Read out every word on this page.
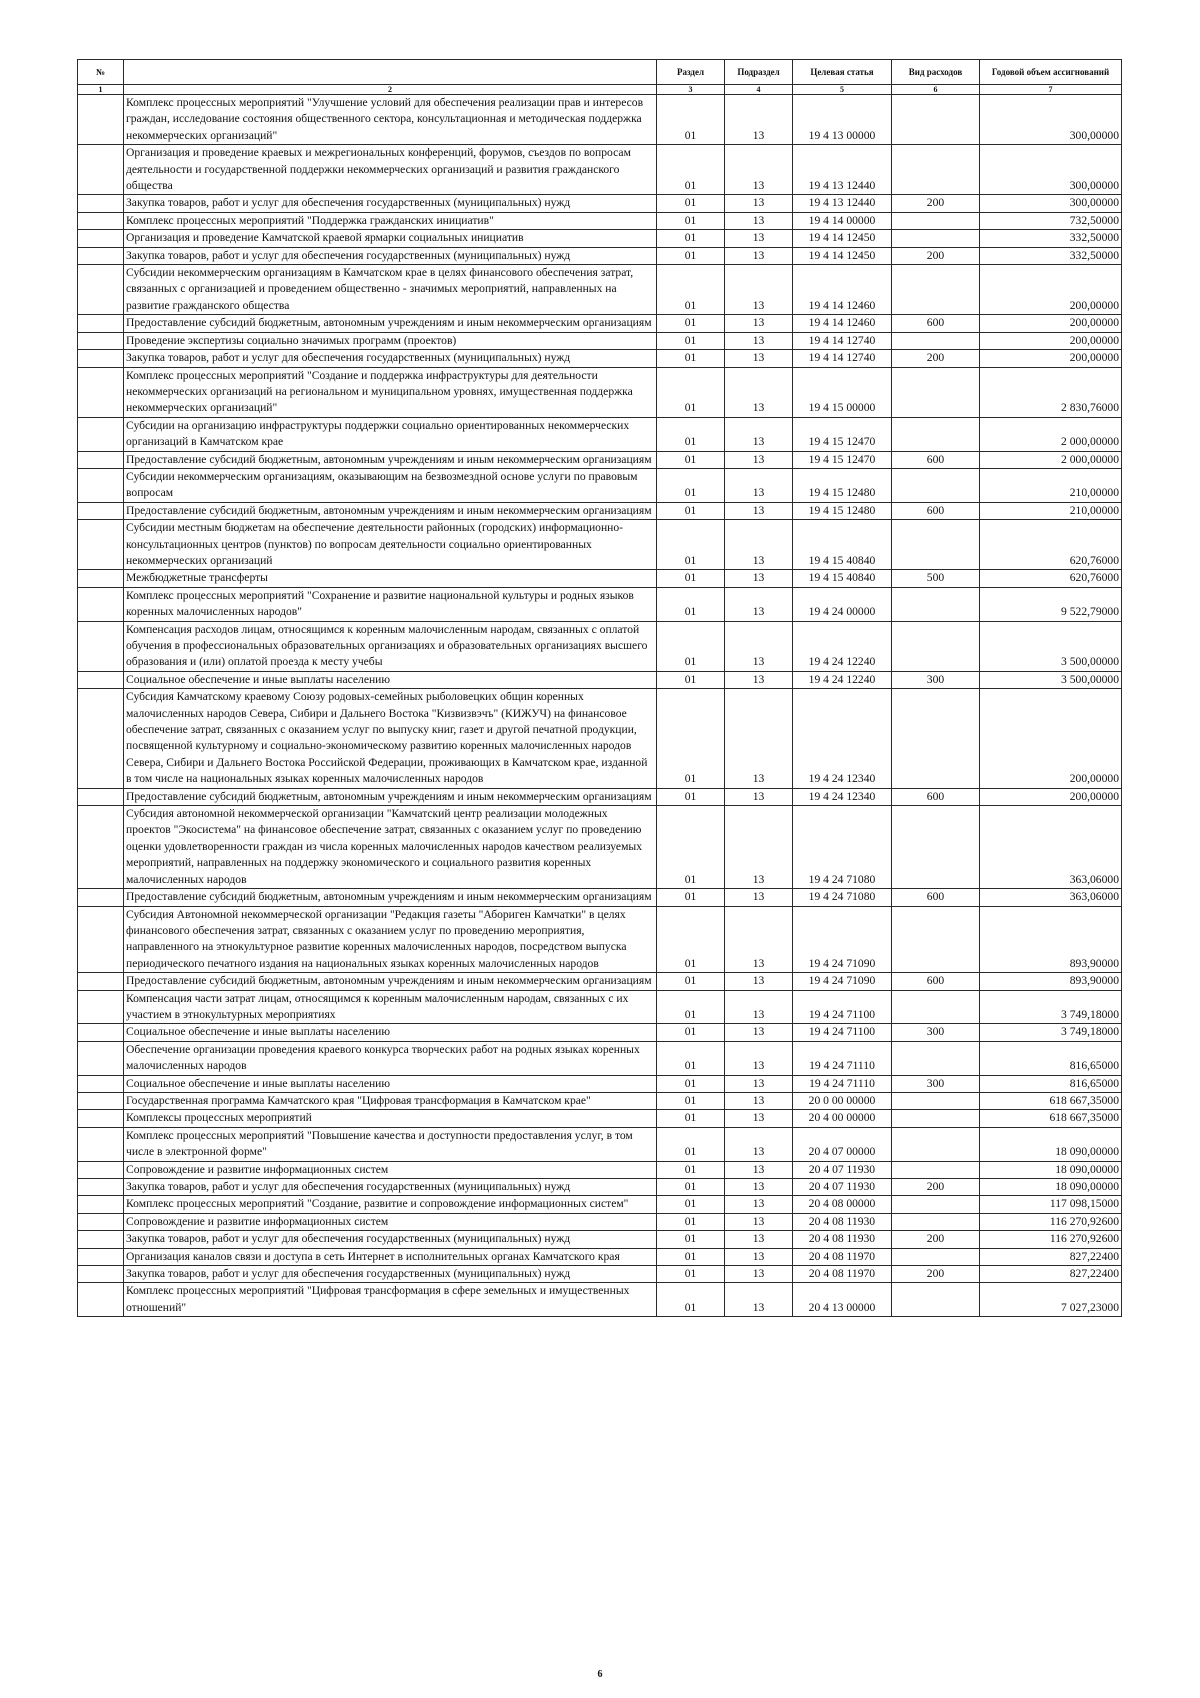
№		Раздел	Подраздел	Целевая статья	Вид расходов	Годовой объем ассигнований
1	2	3	4	5	6	7
	Комплекс процессных мероприятий "Улучшение условий для обеспечения реализации прав и интересов граждан, исследование состояния общественного сектора, консультационная и методическая поддержка некоммерческих организаций"	01	13	19 4 13 00000		300,00000
	Организация и проведение краевых и межрегиональных конференций, форумов, съездов по вопросам деятельности и государственной поддержки некоммерческих организаций и развития гражданского общества	01	13	19 4 13 12440		300,00000
	Закупка товаров, работ и услуг для обеспечения государственных (муниципальных) нужд	01	13	19 4 13 12440	200	300,00000
	Комплекс процессных мероприятий "Поддержка гражданских инициатив"	01	13	19 4 14 00000		732,50000
	Организация и проведение Камчатской краевой ярмарки социальных инициатив	01	13	19 4 14 12450		332,50000
	Закупка товаров, работ и услуг для обеспечения государственных (муниципальных) нужд	01	13	19 4 14 12450	200	332,50000
	Субсидии некоммерческим организациям в Камчатском крае в целях финансового обеспечения затрат, связанных с организацией и проведением общественно - значимых мероприятий, направленных на развитие гражданского общества	01	13	19 4 14 12460		200,00000
	Предоставление субсидий бюджетным, автономным учреждениям и иным некоммерческим организациям	01	13	19 4 14 12460	600	200,00000
	Проведение экспертизы социально значимых программ (проектов)	01	13	19 4 14 12740		200,00000
	Закупка товаров, работ и услуг для обеспечения государственных (муниципальных) нужд	01	13	19 4 14 12740	200	200,00000
	Комплекс процессных мероприятий "Создание и поддержка инфраструктуры для деятельности некоммерческих организаций на региональном и муниципальном уровнях, имущественная поддержка некоммерческих организаций"	01	13	19 4 15 00000		2 830,76000
	Субсидии на организацию инфраструктуры поддержки социально ориентированных некоммерческих организаций в Камчатском крае	01	13	19 4 15 12470		2 000,00000
	Предоставление субсидий бюджетным, автономным учреждениям и иным некоммерческим организациям	01	13	19 4 15 12470	600	2 000,00000
	Субсидии некоммерческим организациям, оказывающим на безвозмездной основе услуги по правовым вопросам	01	13	19 4 15 12480		210,00000
	Предоставление субсидий бюджетным, автономным учреждениям и иным некоммерческим организациям	01	13	19 4 15 12480	600	210,00000
	Субсидии местным бюджетам на обеспечение деятельности районных (городских) информационно-консультационных центров (пунктов) по вопросам деятельности социально ориентированных некоммерческих организаций	01	13	19 4 15 40840		620,76000
	Межбюджетные трансферты	01	13	19 4 15 40840	500	620,76000
	Комплекс процессных мероприятий "Сохранение и развитие национальной культуры и родных языков коренных малочисленных народов"	01	13	19 4 24 00000		9 522,79000
	Компенсация расходов лицам, относящимся к коренным малочисленным народам, связанных с оплатой обучения в профессиональных образовательных организациях и образовательных организациях высшего образования и (или) оплатой проезда к месту учебы	01	13	19 4 24 12240		3 500,00000
	Социальное обеспечение и иные выплаты населению	01	13	19 4 24 12240	300	3 500,00000
	Субсидия Камчатскому краевому Союзу родовых-семейных рыболовецких общин коренных малочисленных народов Севера, Сибири и Дальнего Востока "Кизвизвэчъ" (КИЖУЧ) на финансовое обеспечение затрат, связанных с оказанием услуг по выпуску книг, газет и другой печатной продукции, посвященной культурному и социально-экономическому развитию коренных малочисленных народов Севера, Сибири и Дальнего Востока Российской Федерации, проживающих в Камчатском крае, изданной в том числе на национальных языках коренных малочисленных народов	01	13	19 4 24 12340		200,00000
	Предоставление субсидий бюджетным, автономным учреждениям и иным некоммерческим организациям	01	13	19 4 24 12340	600	200,00000
	Субсидия автономной некоммерческой организации "Камчатский центр реализации молодежных проектов "Экосистема" на финансовое обеспечение затрат, связанных с оказанием услуг по проведению оценки удовлетворенности граждан из числа коренных малочисленных народов качеством реализуемых мероприятий, направленных на поддержку экономического и социального развития коренных малочисленных народов	01	13	19 4 24 71080		363,06000
	Предоставление субсидий бюджетным, автономным учреждениям и иным некоммерческим организациям	01	13	19 4 24 71080	600	363,06000
	Субсидия Автономной некоммерческой организации "Редакция газеты "Абориген Камчатки" в целях финансового обеспечения затрат, связанных с оказанием услуг по проведению мероприятия, направленного на этнокультурное развитие коренных малочисленных народов, посредством выпуска периодического печатного издания на национальных языках коренных малочисленных народов	01	13	19 4 24 71090		893,90000
	Предоставление субсидий бюджетным, автономным учреждениям и иным некоммерческим организациям	01	13	19 4 24 71090	600	893,90000
	Компенсация части затрат лицам, относящимся к коренным малочисленным народам, связанных с их участием в этнокультурных мероприятиях	01	13	19 4 24 71100		3 749,18000
	Социальное обеспечение и иные выплаты населению	01	13	19 4 24 71100	300	3 749,18000
	Обеспечение организации проведения краевого конкурса творческих работ на родных языках коренных малочисленных народов	01	13	19 4 24 71110		816,65000
	Социальное обеспечение и иные выплаты населению	01	13	19 4 24 71110	300	816,65000
	Государственная программа Камчатского края "Цифровая трансформация в Камчатском крае"	01	13	20 0 00 00000		618 667,35000
	Комплексы процессных мероприятий	01	13	20 4 00 00000		618 667,35000
	Комплекс процессных мероприятий "Повышение качества и доступности предоставления услуг, в том числе в электронной форме"	01	13	20 4 07 00000		18 090,00000
	Сопровождение и развитие информационных систем	01	13	20 4 07 11930		18 090,00000
	Закупка товаров, работ и услуг для обеспечения государственных (муниципальных) нужд	01	13	20 4 07 11930	200	18 090,00000
	Комплекс процессных мероприятий "Создание, развитие и сопровождение информационных систем"	01	13	20 4 08 00000		117 098,15000
	Сопровождение и развитие информационных систем	01	13	20 4 08 11930		116 270,92600
	Закупка товаров, работ и услуг для обеспечения государственных (муниципальных) нужд	01	13	20 4 08 11930	200	116 270,92600
	Организация каналов связи и доступа в сеть Интернет в исполнительных органах Камчатского края	01	13	20 4 08 11970		827,22400
	Закупка товаров, работ и услуг для обеспечения государственных (муниципальных) нужд	01	13	20 4 08 11970	200	827,22400
	Комплекс процессных мероприятий "Цифровая трансформация в сфере земельных и имущественных отношений"	01	13	20 4 13 00000		7 027,23000
6
